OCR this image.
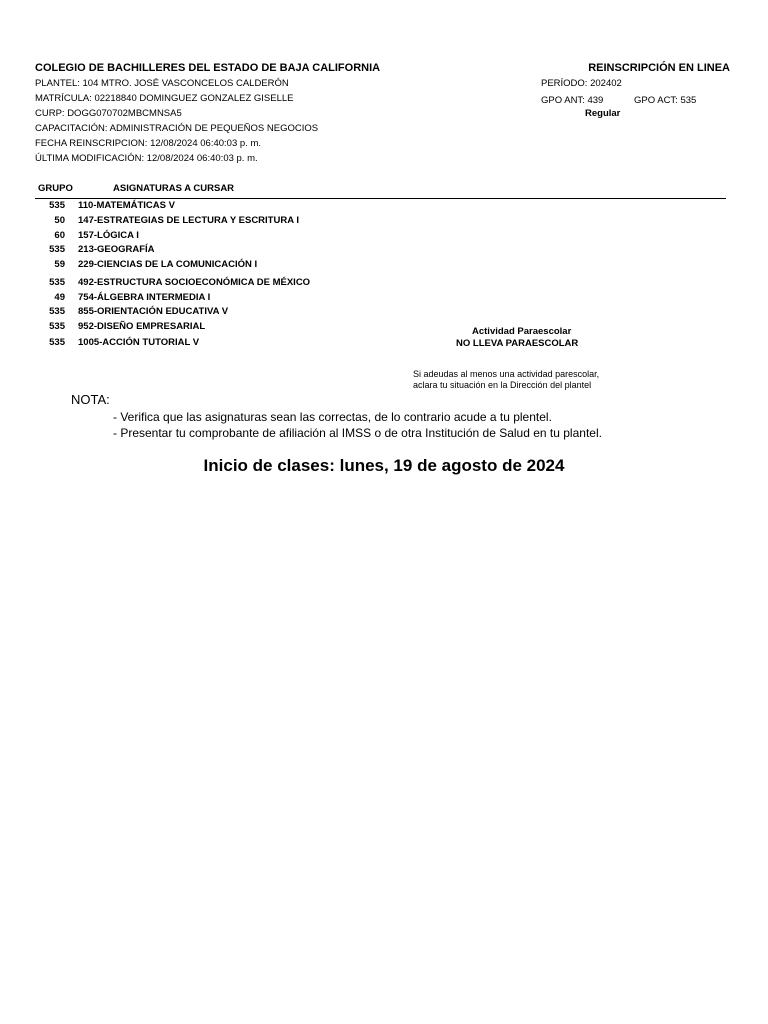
COLEGIO DE BACHILLERES DEL ESTADO DE BAJA CALIFORNIA	REINSCRIPCIÓN EN LINEA
PLANTEL: 104 MTRO. JOSÉ VASCONCELOS CALDERÓN
MATRÍCULA: 02218840 DOMINGUEZ GONZALEZ GISELLE
CURP: DOGG070702MBCMNSA5
CAPACITACIÓN: ADMINISTRACIÓN DE PEQUEÑOS NEGOCIOS
FECHA REINSCRIPCION: 12/08/2024 06:40:03 p. m.
ÚLTIMA MODIFICACIÓN: 12/08/2024 06:40:03 p. m.
PERÍODO: 202402
GPO ANT: 439	GPO ACT: 535
Regular
GRUPO	ASIGNATURAS A CURSAR
535 110-MATEMÁTICAS V
50 147-ESTRATEGIAS DE LECTURA Y ESCRITURA I
60 157-LÓGICA I
535 213-GEOGRAFÍA
59 229-CIENCIAS DE LA COMUNICACIÓN I
535 492-ESTRUCTURA SOCIOECONÓMICA DE MÉXICO
49 754-ÁLGEBRA INTERMEDIA I
535 855-ORIENTACIÓN EDUCATIVA V
535 952-DISEÑO EMPRESARIAL
535 1005-ACCIÓN TUTORIAL V
Actividad Paraescolar
NO LLEVA PARAESCOLAR
Si adeudas al menos una actividad parescolar,
aclara tu situación en la Dirección del plantel
NOTA:
- Verifica que las asignaturas sean las correctas, de lo contrario acude a tu plentel.
- Presentar tu comprobante de afiliación al IMSS o de otra Institución de Salud en tu plantel.
Inicio de clases: lunes, 19 de agosto de 2024
